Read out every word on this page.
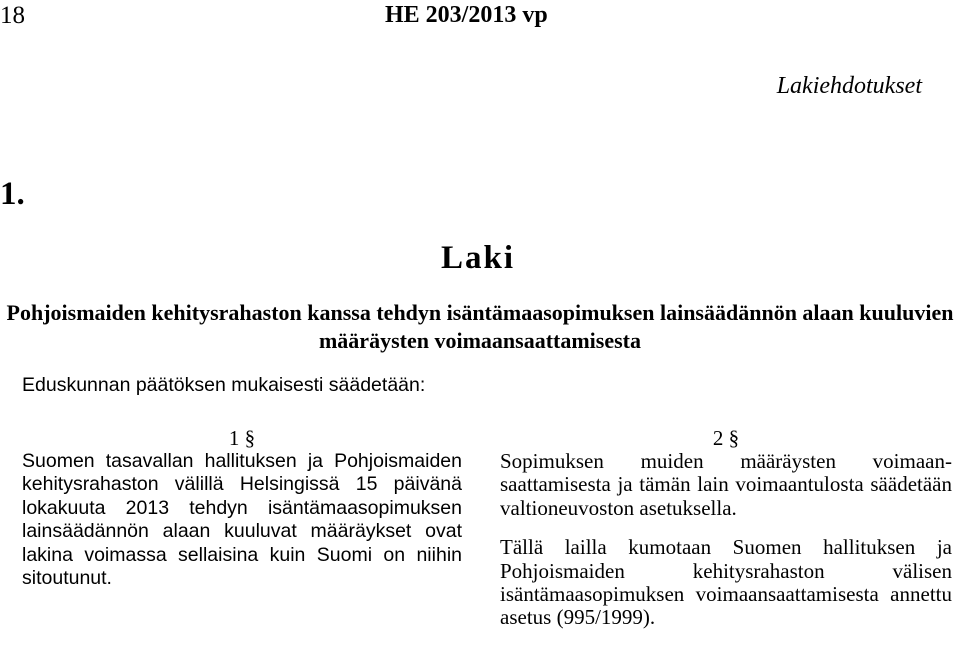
18	HE 203/2013 vp
Lakiehdotukset
1.
Laki
Pohjoismaiden kehitysrahaston kanssa tehdyn isäntämaasopimuksen lainsäädännön alaan kuuluvien määräysten voimaansaattamisesta
Eduskunnan päätöksen mukaisesti säädetään:
1 §

Suomen tasavallan hallituksen ja Pohjoismaiden kehitysrahaston välillä Helsingissä 15 päivänä lokakuuta 2013 tehdyn isäntämaasopimuksen lainsäädännön alaan kuuluvat määräykset ovat lakina voimassa sellaisina kuin Suomi on niihin sitoutunut.

2 §

Sopimuksen muiden määräysten voimaansaattamisesta ja tämän lain voimaantulosta säädetään valtioneuvoston asetuksella.

Tällä lailla kumotaan Suomen hallituksen ja Pohjoismaiden kehitysrahaston välisen isäntämaasopimuksen voimaansaattamisesta annettu asetus (995/1999).
